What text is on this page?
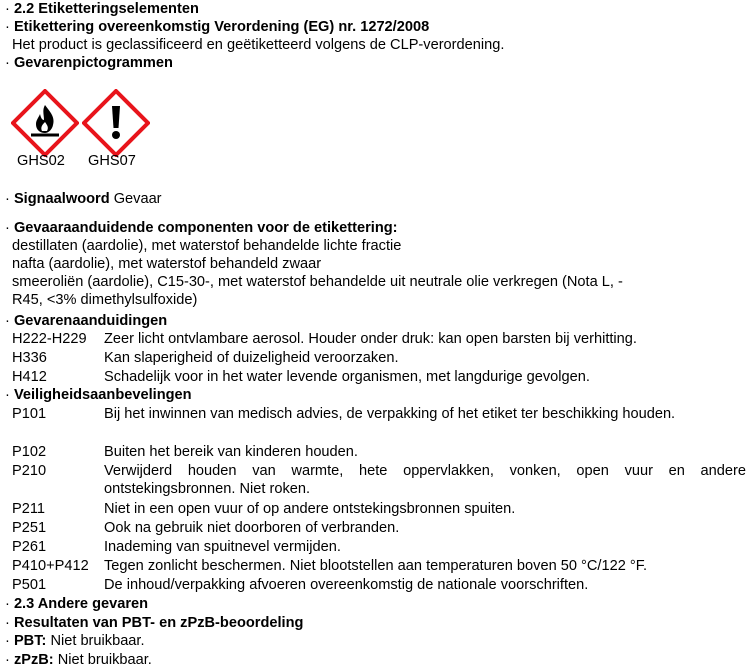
· 2.2 Etiketteringselementen
· Etikettering overeenkomstig Verordening (EG) nr. 1272/2008
Het product is geclassificeerd en geëtiketteerd volgens de CLP-verordening.
· Gevarenpictogrammen
GHS02 GHS07
· Signaalwoord Gevaar
· Gevaaraanduidende componenten voor de etikettering:
destillaten (aardolie), met waterstof behandelde lichte fractie
nafta (aardolie), met waterstof behandeld zwaar
smeeroliën (aardolie), C15-30-, met waterstof behandelde uit neutrale olie verkregen (Nota L, -
R45, <3% dimethylsulfoxide)
· Gevarenaanduidingen
H222-H229 Zeer licht ontvlambare aerosol. Houder onder druk: kan open barsten bij verhitting.
H336	Kan slaperigheid of duizeligheid veroorzaken.
H412	Schadelijk voor in het water levende organismen, met langdurige gevolgen.
· Veiligheidsaanbevelingen
P101	Bij het inwinnen van medisch advies, de verpakking of het etiket ter beschikking houden.
P102	Buiten het bereik van kinderen houden.
P210	Verwijderd houden van warmte, hete oppervlakken, vonken, open vuur en andere ontstekingsbronnen. Niet roken.
P211	Niet in een open vuur of op andere ontstekingsbronnen spuiten.
P251	Ook na gebruik niet doorboren of verbranden.
P261	Inademing van spuitnevel vermijden.
P410+P412 Tegen zonlicht beschermen. Niet blootstellen aan temperaturen boven 50 °C/122 °F.
P501	De inhoud/verpakking afvoeren overeenkomstig de nationale voorschriften.
· 2.3 Andere gevaren
· Resultaten van PBT- en zPzB-beoordeling
· PBT: Niet bruikbaar.
· zPzB: Niet bruikbaar.
